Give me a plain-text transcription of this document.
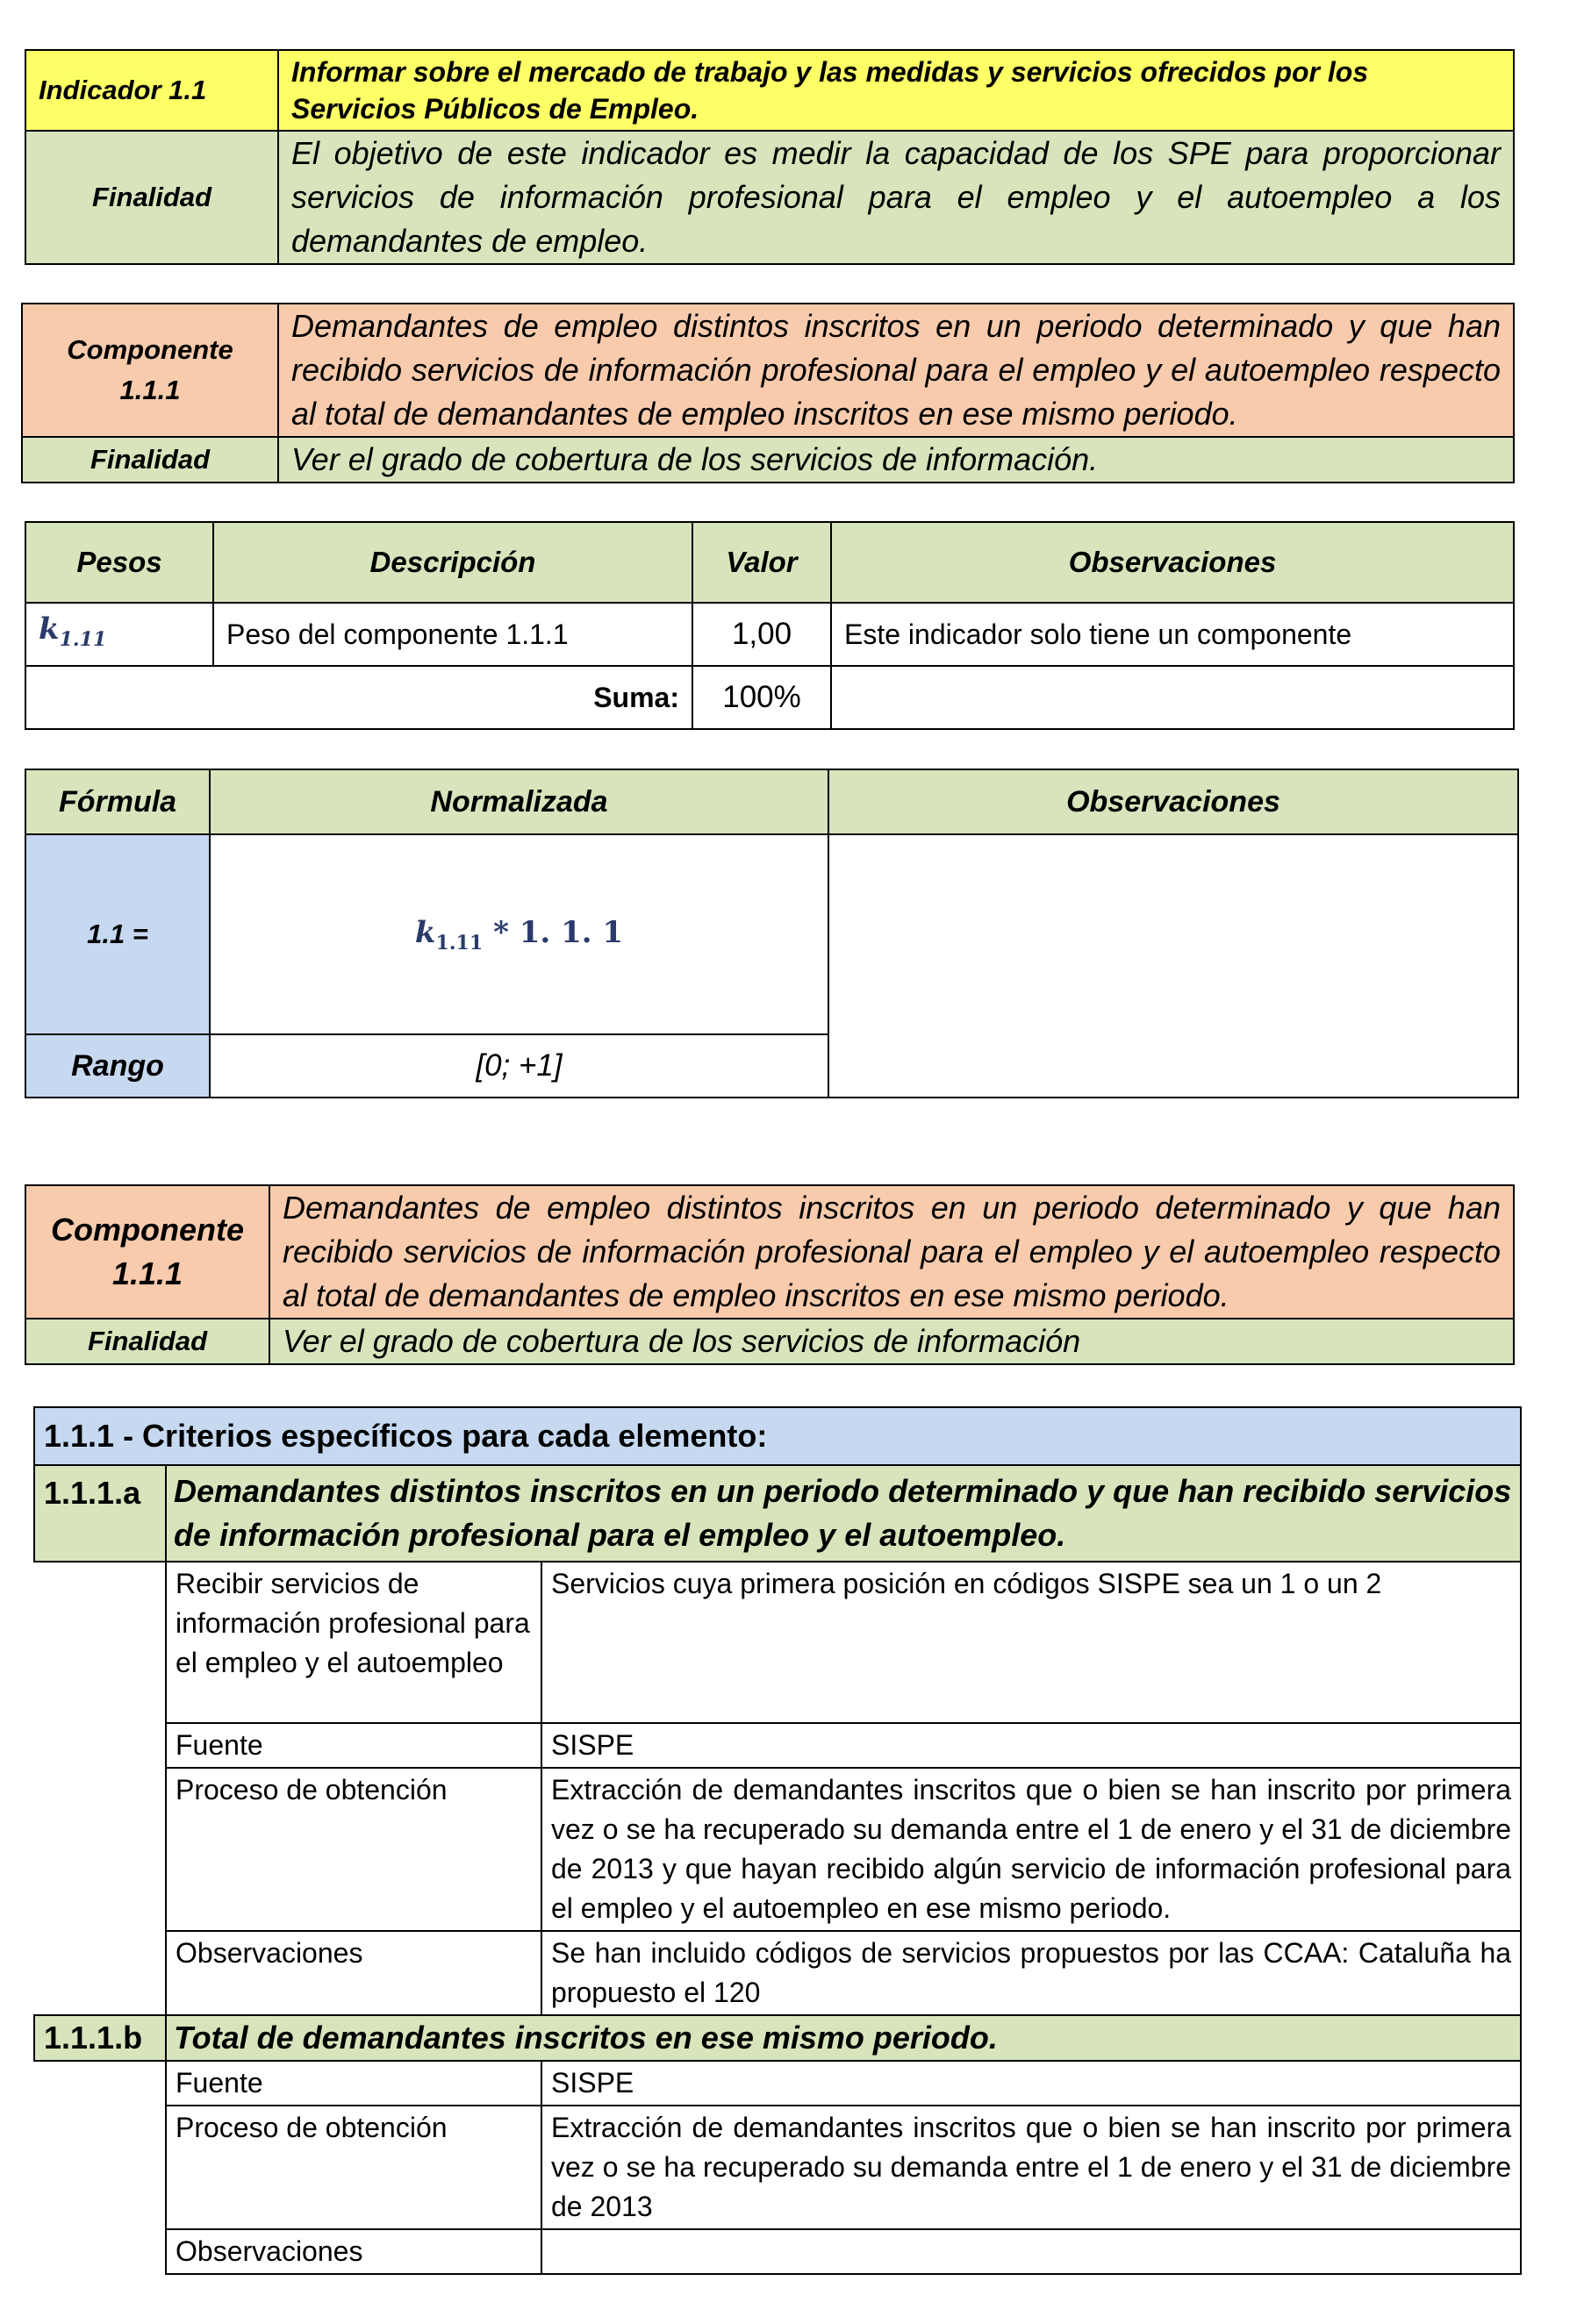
Indicador 1.1	Informar sobre el mercado de trabajo y las medidas y servicios ofrecidos por los Servicios Públicos de Empleo.
Finalidad	El objetivo de este indicador es medir la capacidad de los SPE para proporcionar servicios de información profesional para el empleo y el autoempleo a los demandantes de empleo.
Componente 1.1.1	Demandantes de empleo distintos inscritos en un periodo determinado y que han recibido servicios de información profesional para el empleo y el autoempleo respecto al total de demandantes de empleo inscritos en ese mismo periodo.
Finalidad	Ver el grado de cobertura de los servicios de información.
Pesos	Descripción	Valor	Observaciones
$k_{1.11}$	Peso del componente 1.1.1	1,00	Este indicador solo tiene un componente
Suma:		100%	
Fórmula	Normalizada	Observaciones
1.1 =	$k_{1.11} * 1$. 1. 1	
Rango	[0; +1]	
Componente 1.1.1	Demandantes de empleo distintos inscritos en un periodo determinado y que han recibido servicios de información profesional para el empleo y el autoempleo respecto al total de demandantes de empleo inscritos en ese mismo periodo.
Finalidad	Ver el grado de cobertura de los servicios de información
1.1.1 - Criterios específicos para cada elemento:		
1.1.1.a	Demandantes distintos inscritos en un periodo determinado y que han recibido servicios de información profesional para el empleo y el autoempleo.	
	Recibir servicios de información profesional para el empleo y el autoempleo	Servicios cuya primera posición en códigos SISPE sea un 1 o un 2
	Fuente	SISPE
	Proceso de obtención	Extracción de demandantes inscritos que o bien se han inscrito por primera vez o se ha recuperado su demanda entre el 1 de enero y el 31 de diciembre de 2013 y que hayan recibido algún servicio de información profesional para el empleo y el autoempleo en ese mismo periodo.
	Observaciones	Se han incluido códigos de servicios propuestos por las CCAA: Cataluña ha propuesto el 120
1.1.1.b	Total de demandantes inscritos en ese mismo periodo.	
	Fuente	SISPE
	Proceso de obtención	Extracción de demandantes inscritos que o bien se han inscrito por primera vez o se ha recuperado su demanda entre el 1 de enero y el 31 de diciembre de 2013
	Observaciones	
